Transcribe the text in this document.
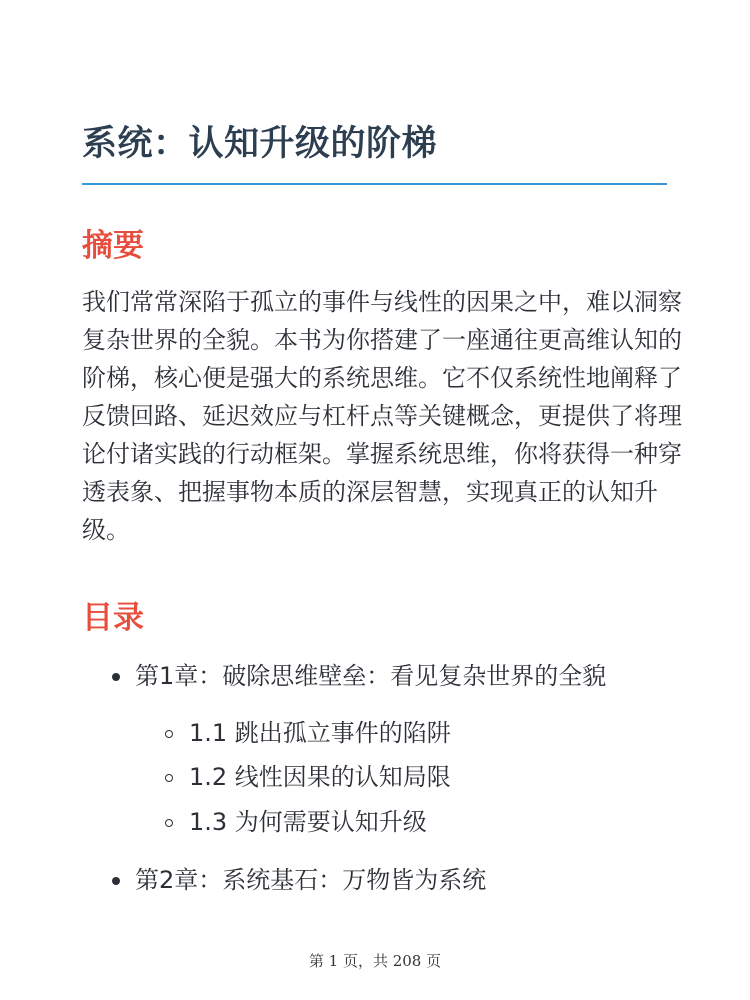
系统：认知升级的阶梯
摘要

我们常常深陷于孤立的事件与线性的因果之中，难以洞察复杂世界的全貌。本书为你搭建了一座通往更高维认知的阶梯，核心便是强大的系统思维。它不仅系统性地阐释了反馈回路、延迟效应与杠杆点等关键概念，更提供了将理论付诸实践的行动框架。掌握系统思维，你将获得一种穿透表象、把握事物本质的深层智慧，实现真正的认知升级。

目录
第1章：破除思维壁垒：看见复杂世界的全貌
1.1 跳出孤立事件的陷阱
1.2 线性因果的认知局限
1.3 为何需要认知升级
第2章：系统基石：万物皆为系统
第 1 页，共 208 页
